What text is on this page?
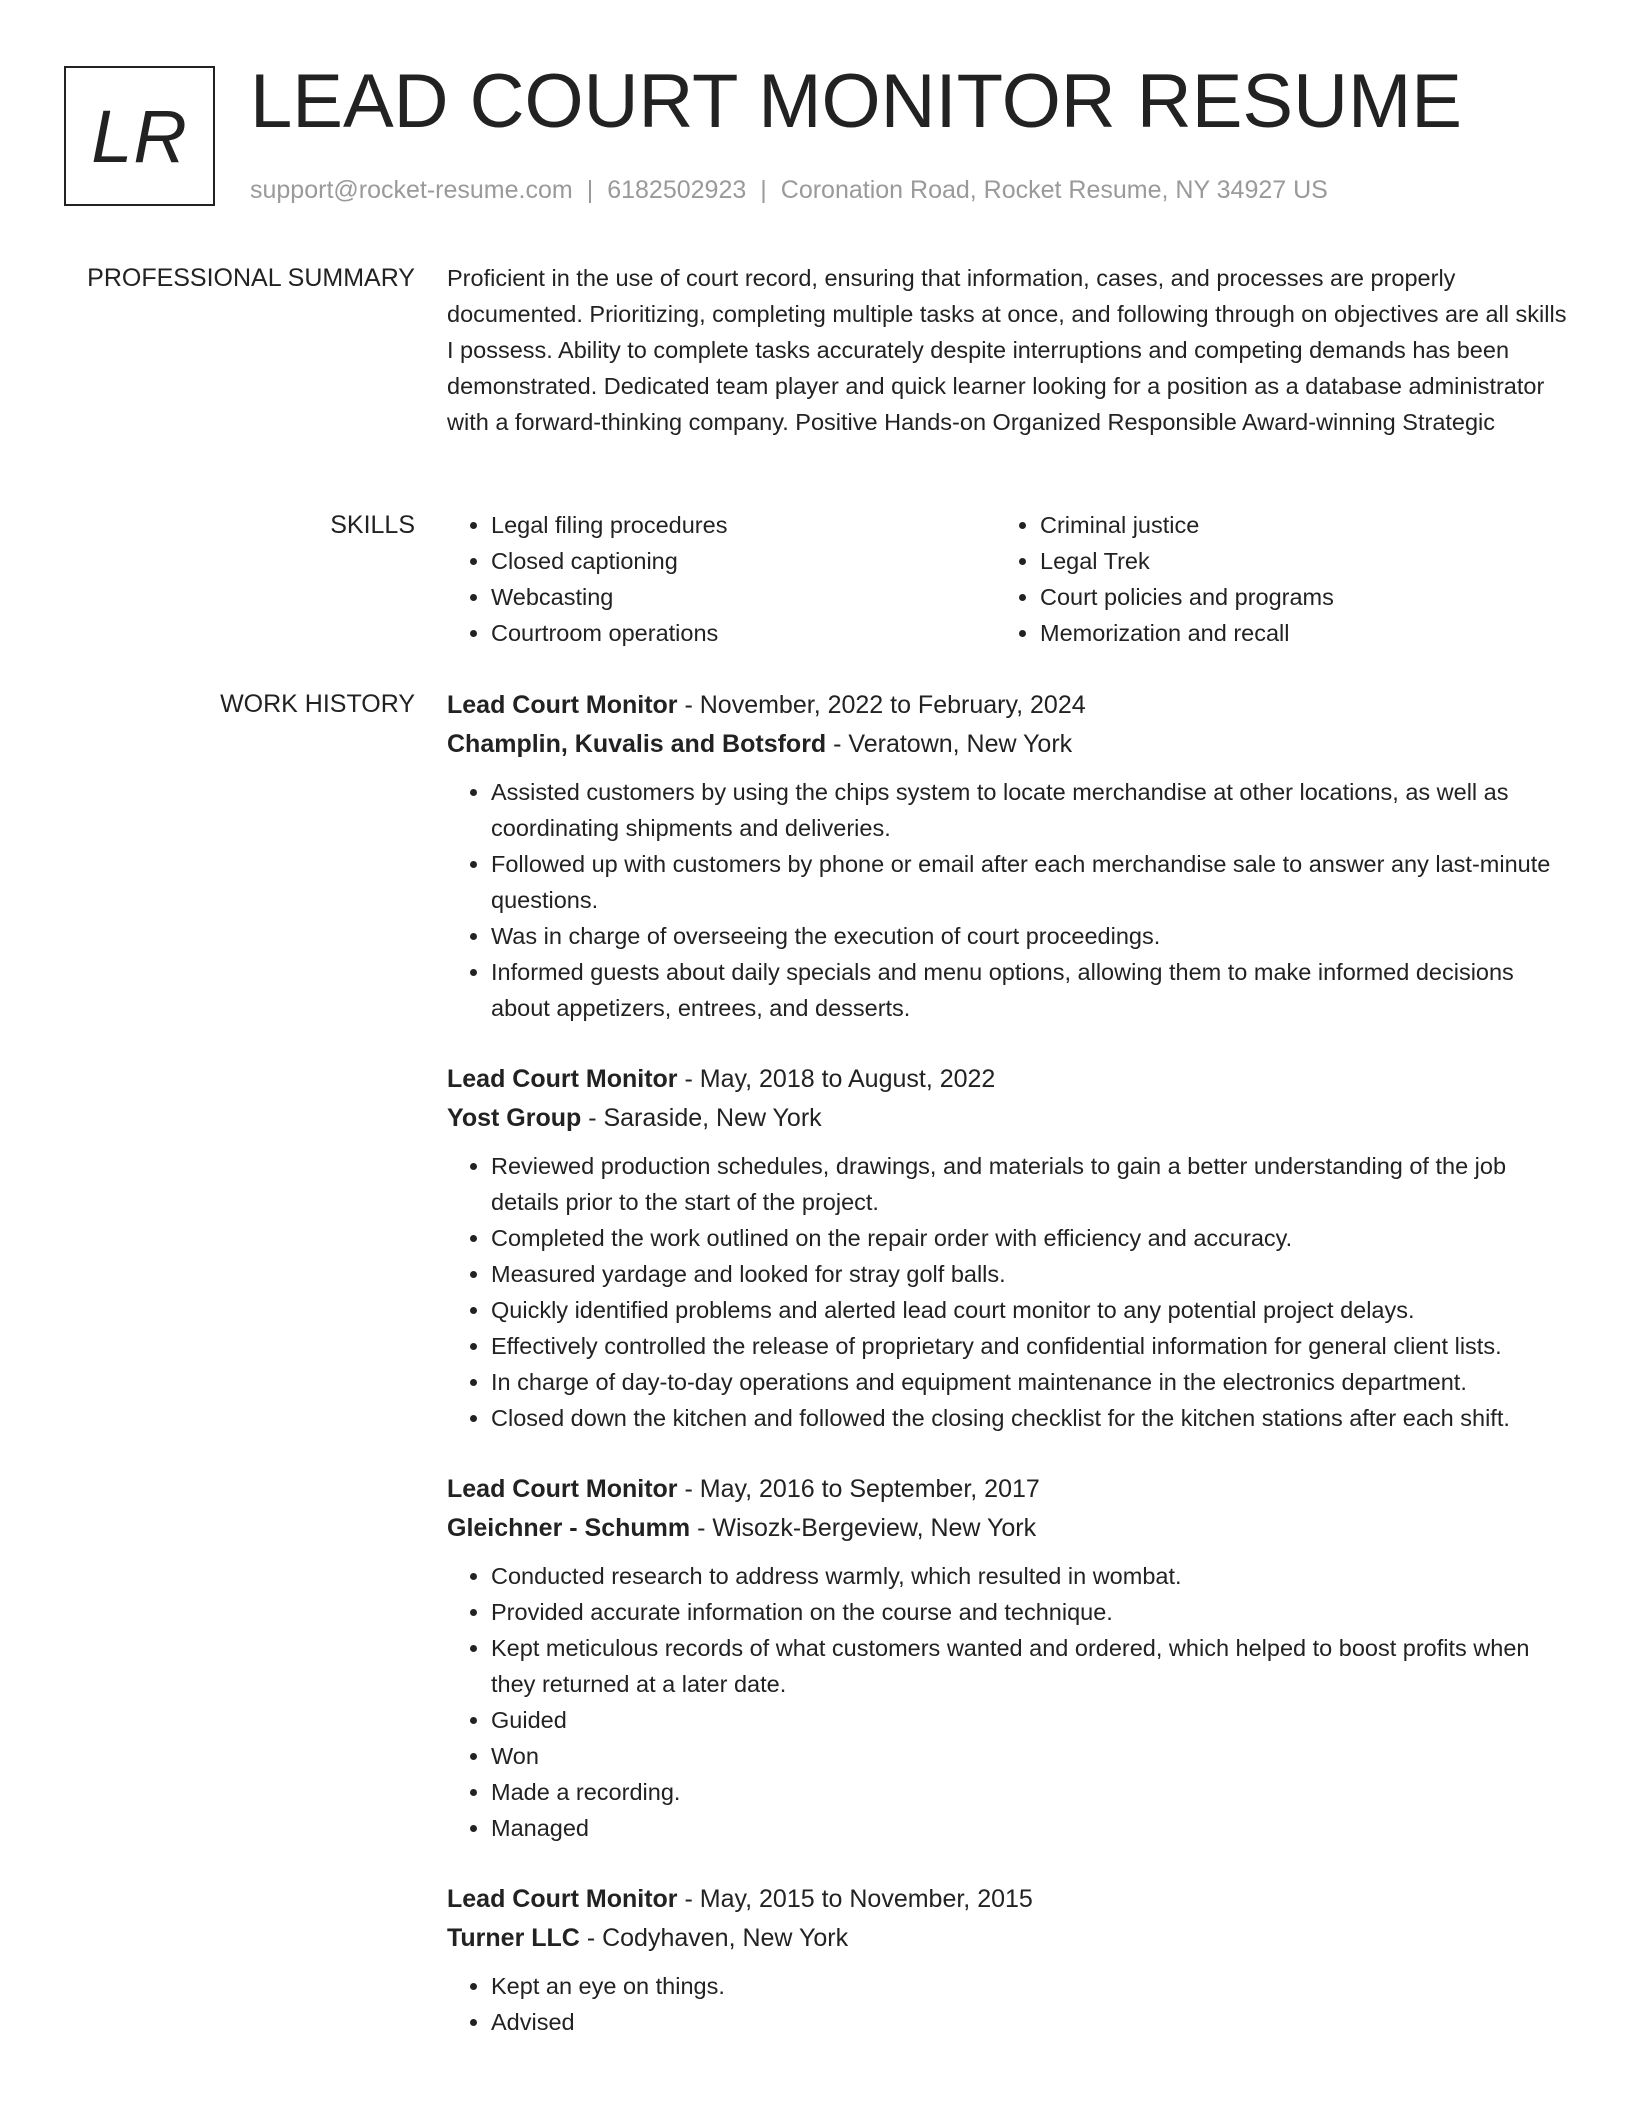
LR LEAD COURT MONITOR RESUME
support@rocket-resume.com | 6182502923 | Coronation Road, Rocket Resume, NY 34927 US
PROFESSIONAL SUMMARY Proficient in the use of court record, ensuring that information, cases, and processes are properly documented. Prioritizing, completing multiple tasks at once, and following through on objectives are all skills I possess. Ability to complete tasks accurately despite interruptions and competing demands has been demonstrated. Dedicated team player and quick learner looking for a position as a database administrator with a forward-thinking company. Positive Hands-on Organized Responsible Award-winning Strategic

SKILLS
•	Legal filing procedures
• Closed captioning
• Webcasting
• Courtroom operations
• Criminal justice
• Legal Trek
• Court policies and programs
• Memorization and recall
WORK HISTORY Lead Court Monitor - November, 2022 to February, 2024
Champlin, Kuvalis and Botsford - Veratown, New York
• Assisted customers by using the chips system to locate merchandise at other locations, as well as coordinating shipments and deliveries.
• Followed up with customers by phone or email after each merchandise sale to answer any last-minute questions.
• Was in charge of overseeing the execution of court proceedings.
• Informed guests about daily specials and menu options, allowing them to make informed decisions about appetizers, entrees, and desserts.
Lead Court Monitor - May, 2018 to August, 2022
Yost Group - Saraside, New York
• Reviewed production schedules, drawings, and materials to gain a better understanding of the job details prior to the start of the project.
• Completed the work outlined on the repair order with efficiency and accuracy.
• Measured yardage and looked for stray golf balls.
• Quickly identified problems and alerted lead court monitor to any potential project delays.
• Effectively controlled the release of proprietary and confidential information for general client lists.
• In charge of day-to-day operations and equipment maintenance in the electronics department.
• Closed down the kitchen and followed the closing checklist for the kitchen stations after each shift.
Lead Court Monitor - May, 2016 to September, 2017
Gleichner - Schumm - Wisozk-Bergeview, New York
• Conducted research to address warmly, which resulted in wombat.
• Provided accurate information on the course and technique.
• Kept meticulous records of what customers wanted and ordered, which helped to boost profits when they returned at a later date.
• Guided
• Won
• Made a recording.
• Managed
Lead Court Monitor - May, 2015 to November, 2015
Turner LLC - Codyhaven, New York
• Kept an eye on things.
• Advised
